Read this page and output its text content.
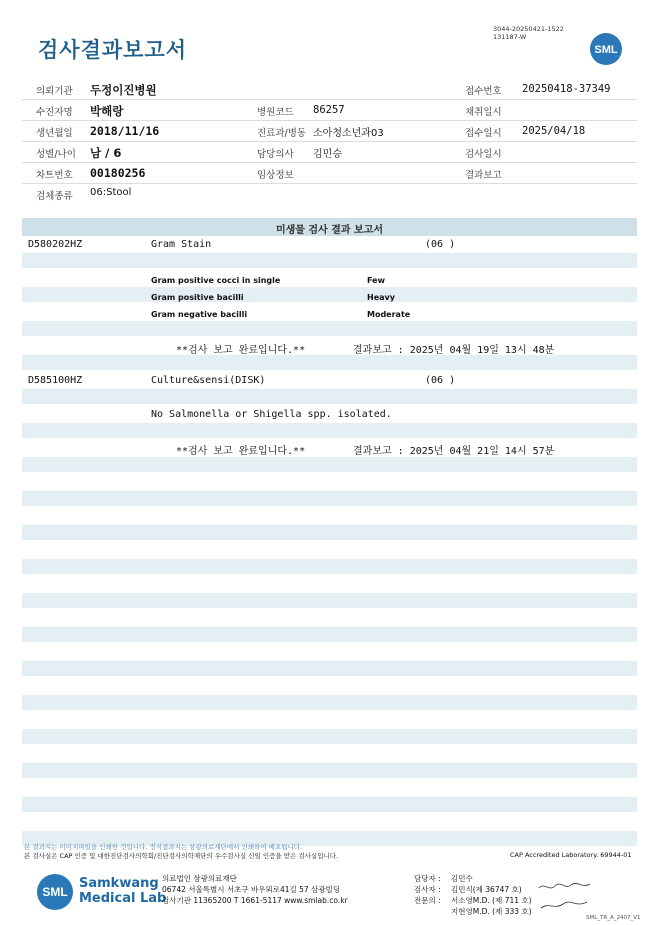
검사결과보고서
3044-20250421-1522
131187-W
SML
의뢰기관 두정이진병원	접수번호 20250418-37349
수진자명 박해랑	병원코드 86257	채취일시
생년월일 2018/11/16	진료과/병동 소아청소년과03	접수일시 2025/04/18
성별/나이 남 / 6	담당의사 김민승	검사일시
차트번호 00180256	임상정보	결과보고
검체종류 06:Stool
미생물 검사 결과 보고서
D580202HZ	Gram Stain	(06 )
Gram positive cocci in single	Few
Gram positive bacilli	Heavy
Gram negative bacilli	Moderate
**검사 보고 완료입니다.**	결과보고 : 2025년 04월 19일 13시 48분
D585100HZ	Culture&sensi(DISK)	(06 )
No Salmonella or Shigella spp. isolated.
**검사 보고 완료입니다.**	결과보고 : 2025년 04월 21일 14시 57분
본 결과지는 이미지파일을 인쇄한 것입니다. 정식결과지는 삼광의료재단에서 인쇄하여 배포됩니다.
본 검사실은 CAP 인증 및 대한진단검사의학회/진단검사의학재단의 우수검사실 신임 인증을 받은 검사실입니다.	CAP Accredited Laboratory. 69944-01
SML
Samkwang
Medical Lab
의료법인 삼광의료재단
06742 서울특별시 서초구 바우뫼로41길 57 삼광빌딩
검사기관 11365200 T 1661-5117 www.smlab.co.kr
담당자 : 김민수
검사자 : 김민식(제 36747 호)
전문의 : 서소영M.D. (제 711 호)
지현영M.D. (제 333 호)
SML_TR_A_2407_V1
